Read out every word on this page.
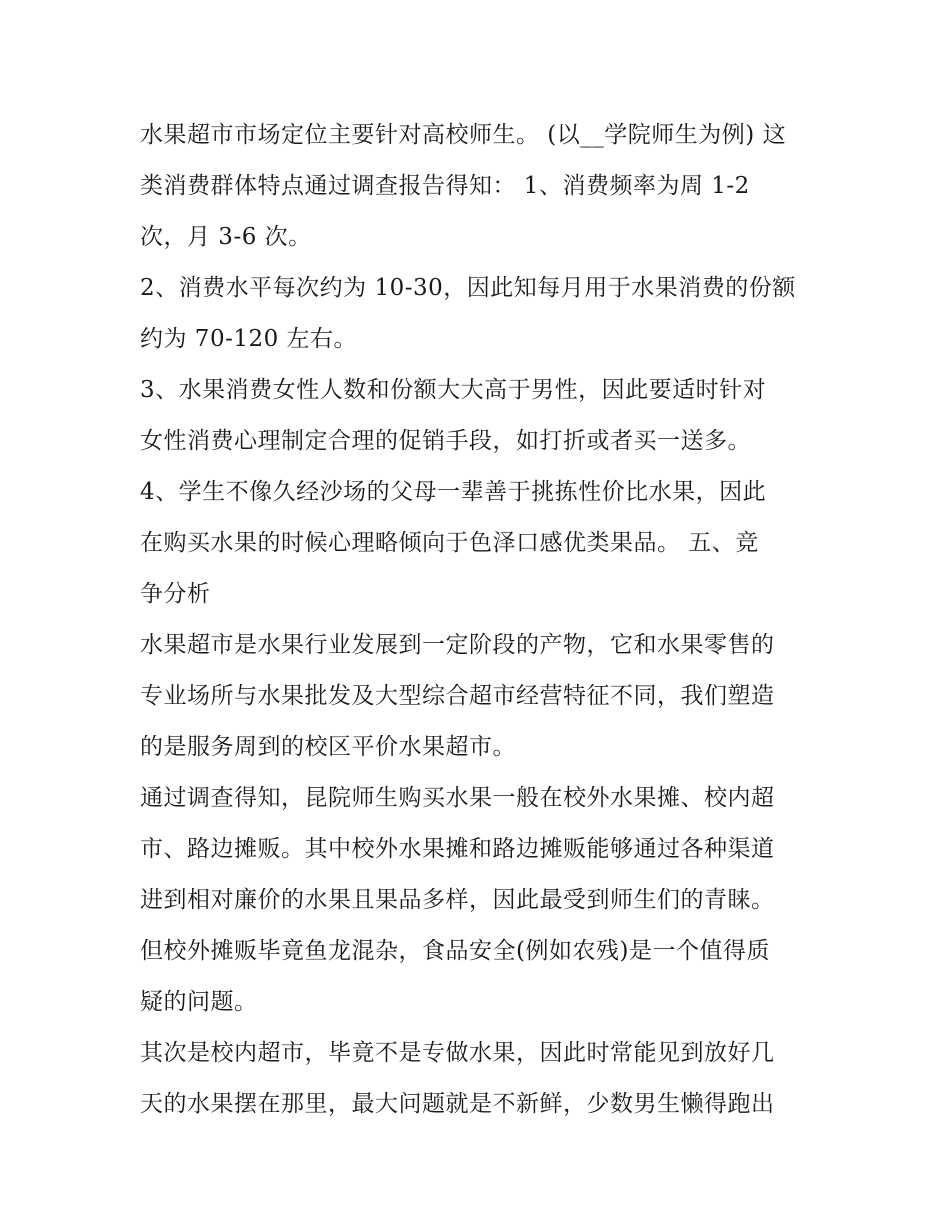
水果超市市场定位主要针对高校师生。 (以__学院师生为例) 这
类消费群体特点通过调查报告得知： 1、消费频率为周 1-2
次，月 3-6 次。
2、消费水平每次约为 10-30，因此知每月用于水果消费的份额
约为 70-120 左右。
3、水果消费女性人数和份额大大高于男性，因此要适时针对
女性消费心理制定合理的促销手段，如打折或者买一送多。
4、学生不像久经沙场的父母一辈善于挑拣性价比水果，因此
在购买水果的时候心理略倾向于色泽口感优类果品。 五、竞
争分析
水果超市是水果行业发展到一定阶段的产物，它和水果零售的
专业场所与水果批发及大型综合超市经营特征不同，我们塑造
的是服务周到的校区平价水果超市。
通过调查得知，昆院师生购买水果一般在校外水果摊、校内超
市、路边摊贩。其中校外水果摊和路边摊贩能够通过各种渠道
进到相对廉价的水果且果品多样，因此最受到师生们的青睐。
但校外摊贩毕竟鱼龙混杂，食品安全(例如农残)是一个值得质
疑的问题。
其次是校内超市，毕竟不是专做水果，因此时常能见到放好几
天的水果摆在那里，最大问题就是不新鲜，少数男生懒得跑出
